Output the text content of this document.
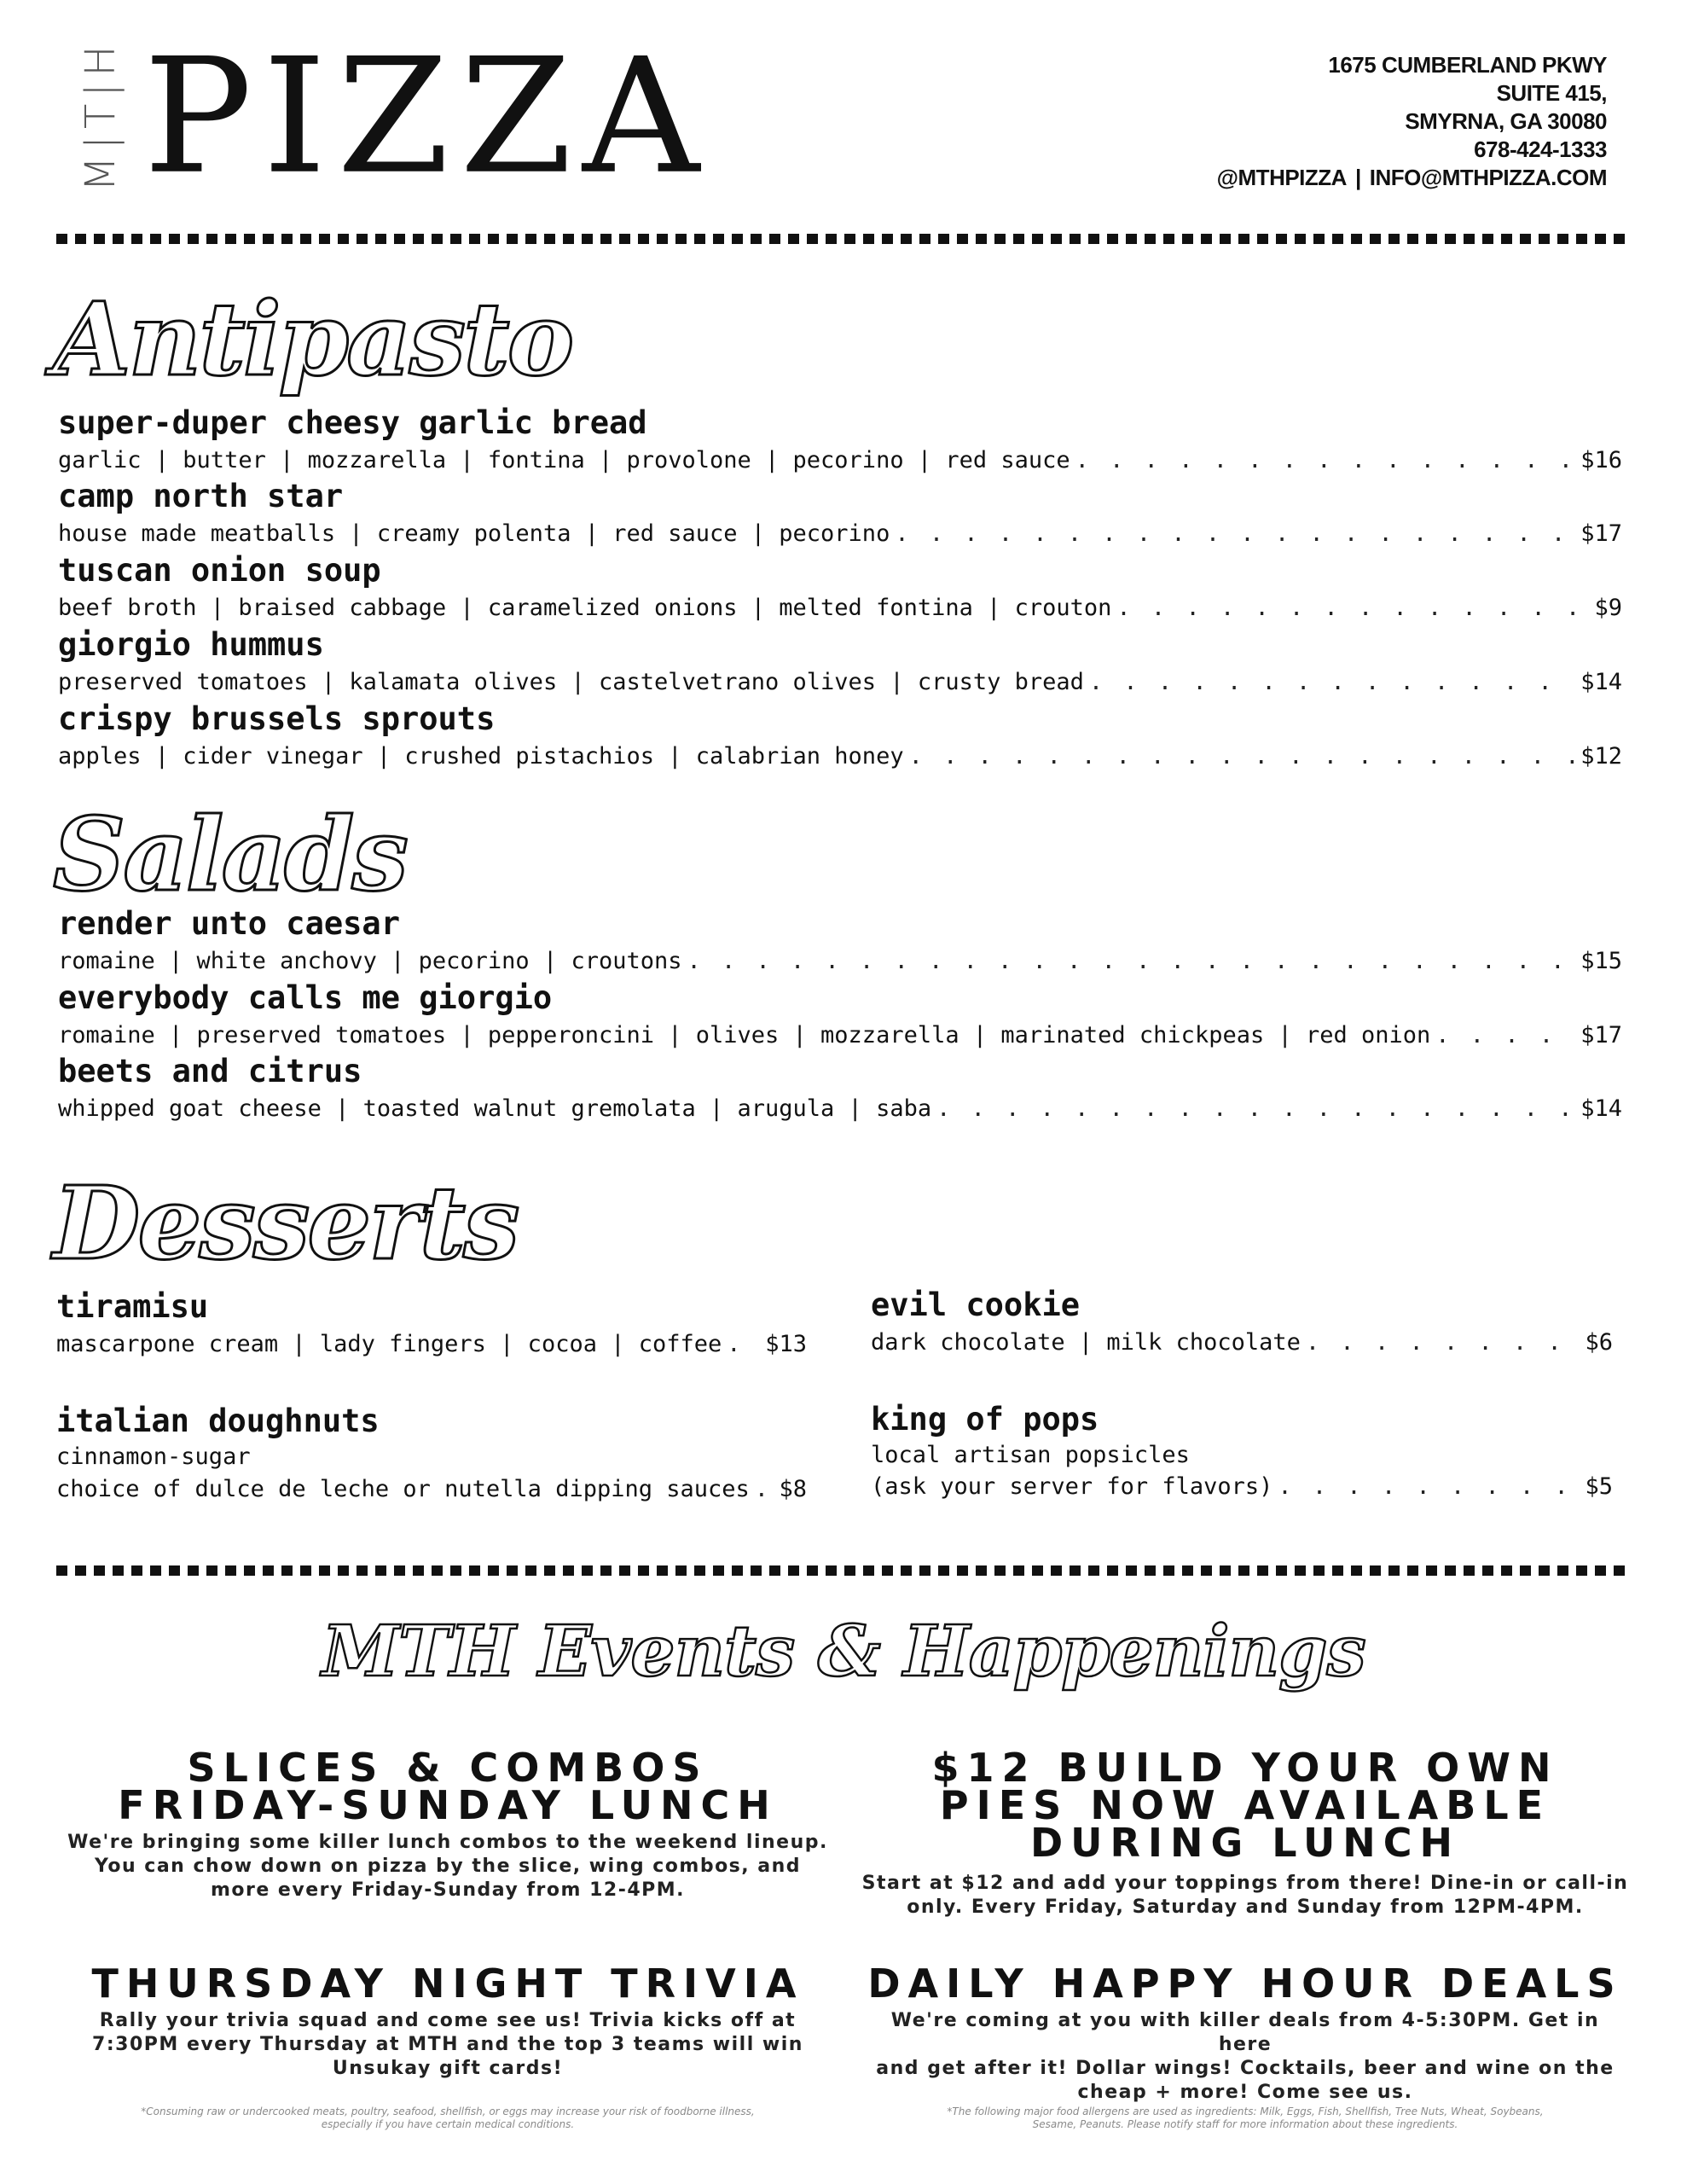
M|T|H PIZZA	1675 CUMBERLAND PKWY
SUITE 415,
SMYRNA, GA 30080
678-424-1333
@MTHPIZZA | INFO@MTHPIZZA.COM
Antipasto
super-duper cheesy garlic bread
garlic | butter | mozzarella | fontina | provolone | pecorino | red sauce . . .	$16
camp north star
house made meatballs | creamy polenta | red sauce | pecorino . . .	$17
tuscan onion soup
beef broth | braised cabbage | caramelized onions | melted fontina | crouton . . .	$9
giorgio hummus
preserved tomatoes | kalamata olives | castelvetrano olives | crusty bread . . .	$14
crispy brussels sprouts
apples | cider vinegar | crushed pistachios | calabrian honey . . .	$12
Salads
render unto caesar
romaine | white anchovy | pecorino | croutons . . .	$15
everybody calls me giorgio
romaine | preserved tomatoes | pepperoncini | olives | mozzarella | marinated chickpeas | red onion . . .	$17
beets and citrus
whipped goat cheese | toasted walnut gremolata | arugula | saba . . .	$14
Desserts
tiramisu
mascarpone cream | lady fingers | cocoa | coffee . . . $13
evil cookie
dark chocolate | milk chocolate . . .	$6
italian doughnuts
cinnamon-sugar
choice of dulce de leche or nutella dipping sauces . . . $8
king of pops
local artisan popsicles
(ask your server for flavors) . . .	$5
MTH Events & Happenings
SLICES & COMBOS
FRIDAY-SUNDAY LUNCH
We're bringing some killer lunch combos to the weekend lineup.
You can chow down on pizza by the slice, wing combos, and
more every Friday-Sunday from 12-4PM.
$12 BUILD YOUR OWN
PIES NOW AVAILABLE
DURING LUNCH
Start at $12 and add your toppings from there! Dine-in or call-in
only. Every Friday, Saturday and Sunday from 12PM-4PM.
THURSDAY NIGHT TRIVIA
Rally your trivia squad and come see us! Trivia kicks off at
7:30PM every Thursday at MTH and the top 3 teams will win
Unsukay gift cards!
DAILY HAPPY HOUR DEALS
We're coming at you with killer deals from 4-5:30PM. Get in here
and get after it! Dollar wings! Cocktails, beer and wine on the
cheap + more! Come see us.
*Consuming raw or undercooked meats, poultry, seafood, shellfish, or eggs may increase your risk of foodborne illness,
especially if you have certain medical conditions.
*The following major food allergens are used as ingredients: Milk, Eggs, Fish, Shellfish, Tree Nuts, Wheat, Soybeans,
Sesame, Peanuts. Please notify staff for more information about these ingredients.
